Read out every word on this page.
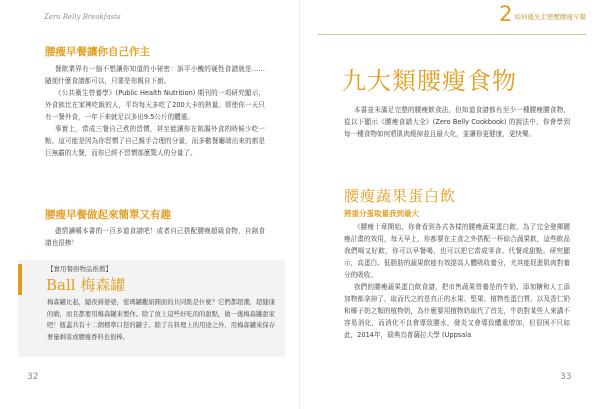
Zero Belly Breakfasts
腰瘦早餐讓你自己作主

餐飲業界有一個不想讓你知道的小祕密：訴平小醜的硬性食譜就是……隨便什麼食譜都可以，只要是你親自下廚。

《公共衛生營養學》(Public Health Nutrition) 期刊的一項研究顯示，外食族比在家裡吃飯的人，平均每天多吃了200大卡的熱量。即使你一天只有一餐外食，一年下來就足以多出9.5公斤的體重。

事實上，當成三餐自己煮的習慣，甚至能讓你在飢腸外食的時候少吃一點。這可能是因為你習慣了自己親手合理的分量，而多數餐廳端出來的都是巨無霸的大餐，而你已經不習慣那麼驚人的分量了。

腰瘦早餐做起來簡單又有趣

盡情讀嚼本書的一百多道食譜吧！或者自己搭配腰瘦超級食物，自創食譜也很棒！

【實用餐廚物品推薦】
Ball 梅森罐
梅森罐比起，隨夜蔣婆婆，密瑪罐觀娟圓面的共同點是什麼？它們都超潮，超健康的喲，而且都要用梅森罐來製作。除了放上這些好吃的的甜點，做一幾梅森罐甜家吧！瓶蓋共有十二個標準口徑的罐子。除了在料理上的用途之外，用梅森罐來保存奢量剩菜或腰瘦香料也很棒。
32
2 如何優先走肥壓腰瘦早餐
九大類腰瘦食物

本書並未滿足完整的腰瘦飲食法，但知道食譜都有至少一種腰瘦腰食物，從以下顯示《腰瘦食譜大全》(Zero Belly Cookbook) 的說法中，你會學到每一種食物如何將肌肉燒掉並且最大化，並讓你更健康，更快樂。

腰瘦蔬果蛋白飲
將重分蛋取量我到最大

《腰瘦十章開始，你會看到各式各樣的腰瘦蔬果蛋白飲，為了完全發揮腰瘦計畫的效用，每天早上，你都要在主食之外搭配一杯綜合蔬果飲，這些飲品我們喝又好飲，你可以早餐喝，也可以把它當成零食、代餐或甜點。研究顯示，高蛋白、低脂肪的蔬果飲能有效提高人體吸收養分，尤其能促進肌肉對養分的吸收。

我們的腰瘦蔬果蛋白飲食譜，把市售蔬果營養是的牛奶、添加糖和人工添加物都拿掉了，取而代之的是真正的水果、堅果、植物性蛋白質，以及香仁奶和椰子奶之類的植物奶，為什麼要用植物奶取代了首先，牛奶對某些人來講不容易消化，而消化不良會導致腰水，發炎又會導致體重增加，但很困不只如此，2014年，瑞典烏普薩拉大學 (Uppsala

33
